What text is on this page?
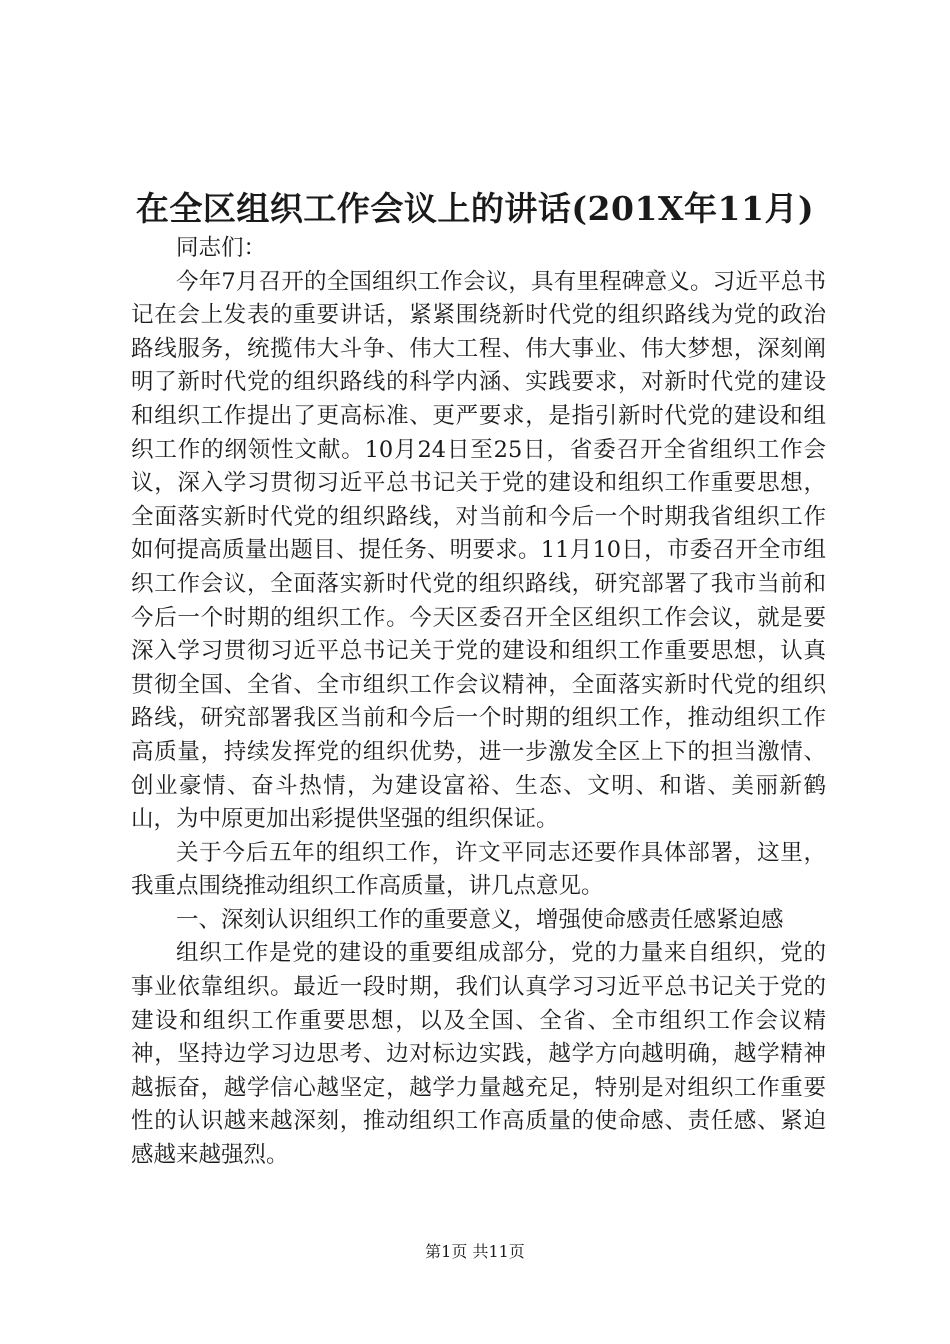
在全区组织工作会议上的讲话(201X年11月)

同志们：

今年7月召开的全国组织工作会议，具有里程碑意义。习近平总书记在会上发表的重要讲话，紧紧围绕新时代党的组织路线为党的政治路线服务，统揽伟大斗争、伟大工程、伟大事业、伟大梦想，深刻阐明了新时代党的组织路线的科学内涵、实践要求，对新时代党的建设和组织工作提出了更高标准、更严要求，是指引新时代党的建设和组织工作的纲领性文献。10月24日至25日，省委召开全省组织工作会议，深入学习贯彻习近平总书记关于党的建设和组织工作重要思想，全面落实新时代党的组织路线，对当前和今后一个时期我省组织工作如何提高质量出题目、提任务、明要求。11月10日，市委召开全市组织工作会议，全面落实新时代党的组织路线，研究部署了我市当前和今后一个时期的组织工作。今天区委召开全区组织工作会议，就是要深入学习贯彻习近平总书记关于党的建设和组织工作重要思想，认真贯彻全国、全省、全市组织工作会议精神，全面落实新时代党的组织路线，研究部署我区当前和今后一个时期的组织工作，推动组织工作高质量，持续发挥党的组织优势，进一步激发全区上下的担当激情、创业豪情、奋斗热情，为建设富裕、生态、文明、和谐、美丽新鹤山，为中原更加出彩提供坚强的组织保证。

关于今后五年的组织工作，许文平同志还要作具体部署，这里，我重点围绕推动组织工作高质量，讲几点意见。

一、深刻认识组织工作的重要意义，增强使命感责任感紧迫感

组织工作是党的建设的重要组成部分，党的力量来自组织，党的事业依靠组织。最近一段时期，我们认真学习习近平总书记关于党的建设和组织工作重要思想，以及全国、全省、全市组织工作会议精神，坚持边学习边思考、边对标边实践，越学方向越明确，越学精神越振奋，越学信心越坚定，越学力量越充足，特别是对组织工作重要性的认识越来越深刻，推动组织工作高质量的使命感、责任感、紧迫感越来越强烈。

第1页 共11页
